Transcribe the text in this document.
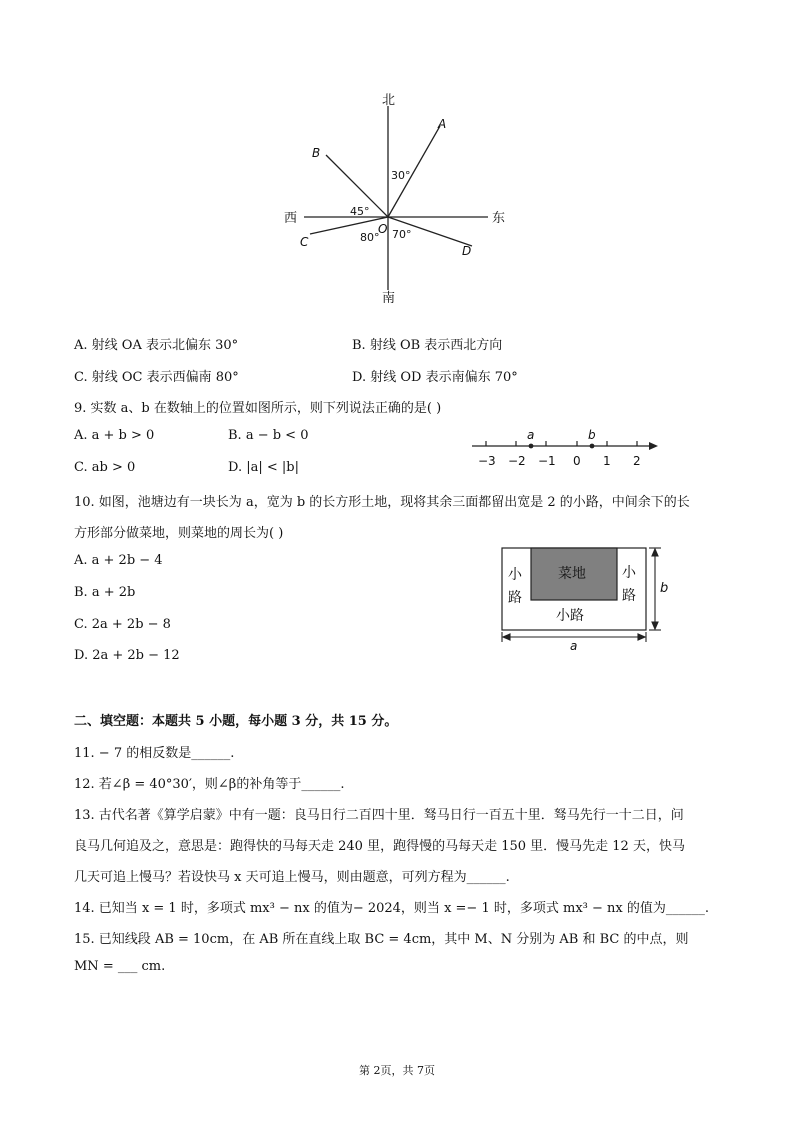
北
南
西	东
O
A
B
C
D
30°
45°
80° 70°
A. 射线 OA 表示北偏东 30°	B. 射线 OB 表示西北方向
C. 射线 OC 表示西偏南 80°	D. 射线 OD 表示南偏东 70°
9. 实数 a、b 在数轴上的位置如图所示，则下列说法正确的是( )
A. a + b > 0	B. a − b < 0
C. ab > 0	D. |a| < |b|
a	b
−3 −2 −1 0 1 2
10. 如图，池塘边有一块长为 a，宽为 b 的长方形土地，现将其余三面都留出宽是 2 的小路，中间余下的长
方形部分做菜地，则菜地的周长为( )
A. a + 2b − 4
B. a + 2b
C. 2a + 2b − 8
D. 2a + 2b − 12
菜地
小
路
小
路
小路
b
a
二、填空题：本题共 5 小题，每小题 3 分，共 15 分。
11. − 7 的相反数是______.
12. 若∠β = 40°30′，则∠β的补角等于______.
13. 古代名著《算学启蒙》中有一题：良马日行二百四十里．驽马日行一百五十里．驽马先行一十二日，问
良马几何追及之，意思是：跑得快的马每天走 240 里，跑得慢的马每天走 150 里．慢马先走 12 天，快马
几天可追上慢马？若设快马 x 天可追上慢马，则由题意，可列方程为______.
14. 已知当 x = 1 时，多项式 mx³ − nx 的值为− 2024，则当 x =− 1 时，多项式 mx³ − nx 的值为______.
15. 已知线段 AB = 10cm，在 AB 所在直线上取 BC = 4cm，其中 M、N 分别为 AB 和 BC 的中点，则
MN = ___ cm.
第 2页，共 7页
